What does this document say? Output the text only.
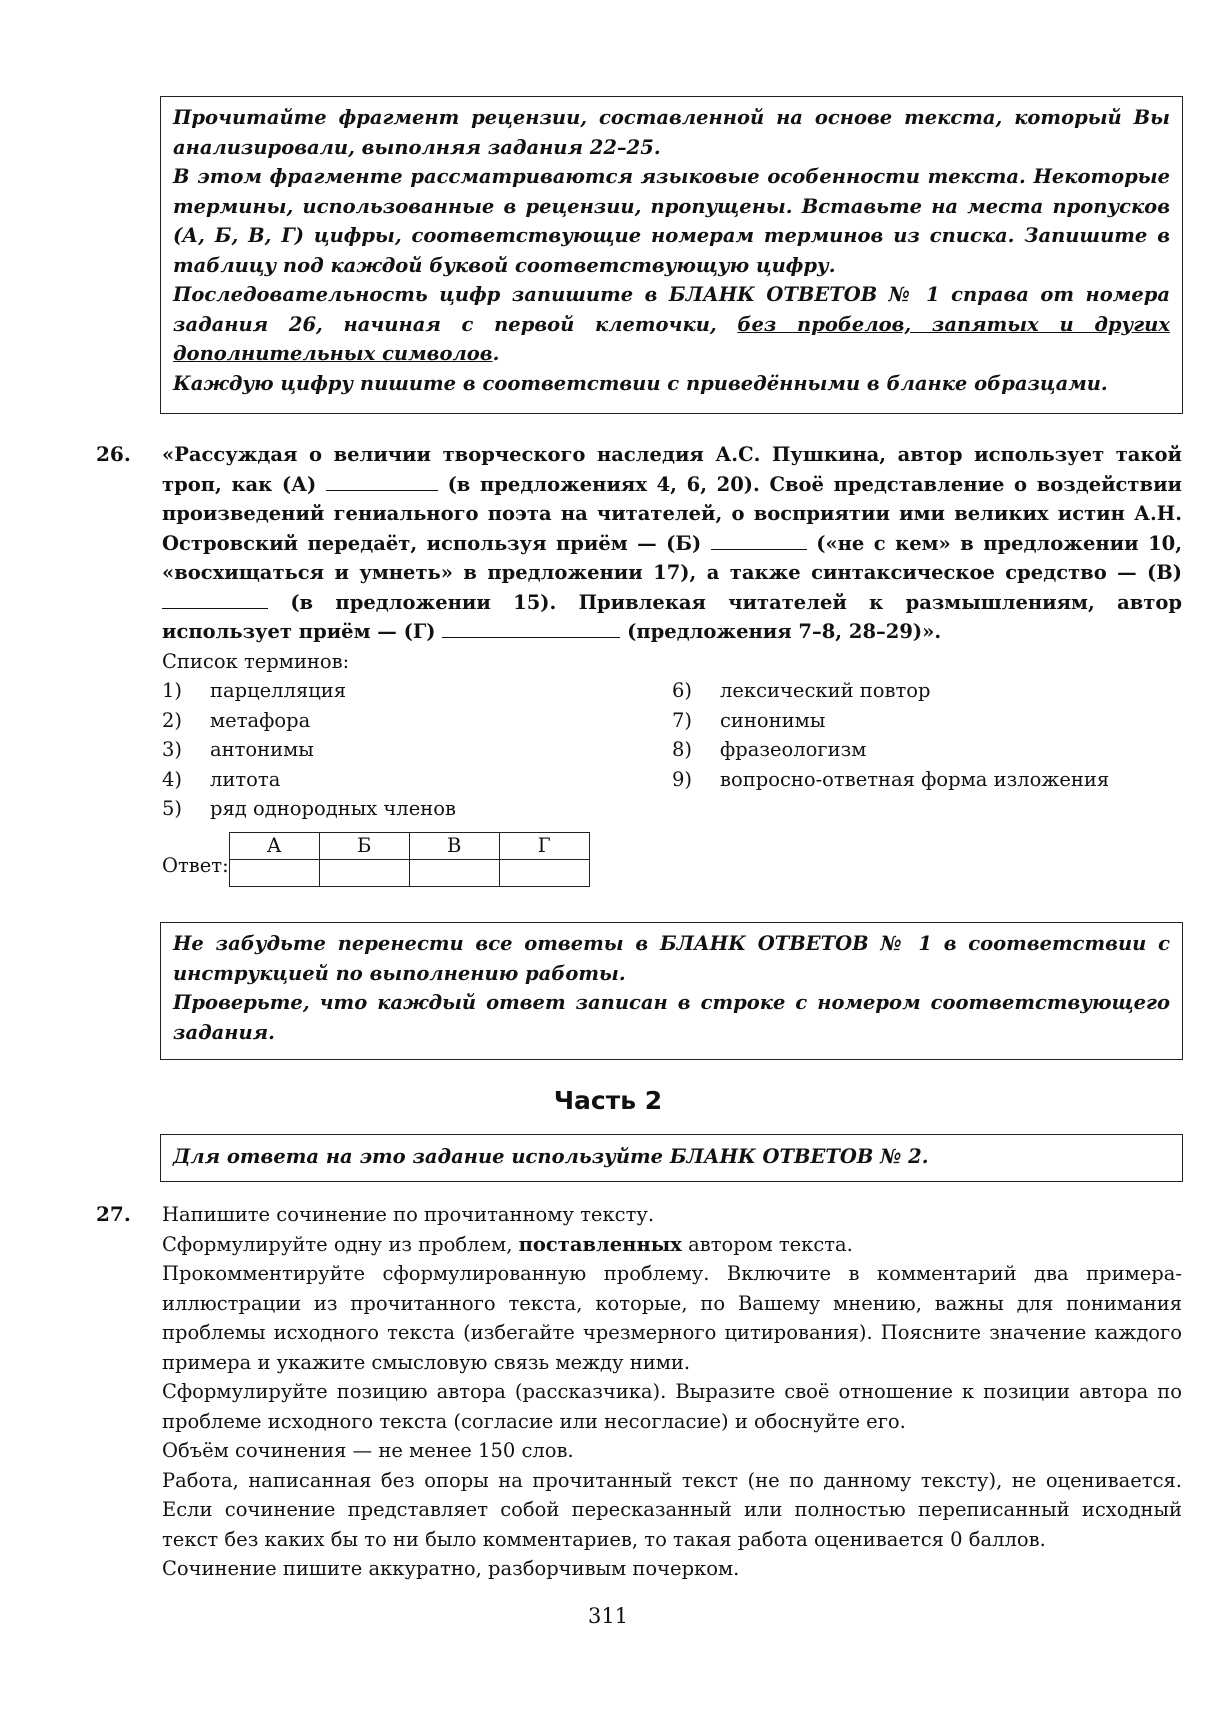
Прочитайте фрагмент рецензии, составленной на основе текста, который Вы анализировали, выполняя задания 22–25.

В этом фрагменте рассматриваются языковые особенности текста. Некоторые термины, использованные в рецензии, пропущены. Вставьте на места пропусков (А, Б, В, Г) цифры, соответствующие номерам терминов из списка. Запишите в таблицу под каждой буквой соответствующую цифру.

Последовательность цифр запишите в БЛАНК ОТВЕТОВ № 1 справа от номера задания 26, начиная с первой клеточки, без пробелов, запятых и других дополнительных символов.

Каждую цифру пишите в соответствии с приведёнными в бланке образцами.

26. «Рассуждая о величии творческого наследия А.С. Пушкина, автор использует такой троп, как (А)	(в предложениях 4, 6, 20). Своё представление о воздействии произведений гениального поэта на читателей, о восприятии ими великих истин А.Н. Островский передаёт, используя приём — (Б)	(«не с кем» в предложении 10, «восхищаться и умнеть» в предложении 17), а также синтаксическое средство — (В)  (в предложении 15). Привлекая читателей к размышлениям, автор использует приём — (Г)	(предложения 7–8, 28–29)».

Список терминов:

1)	парцелляция
2)	метафора
3)	антонимы
4)	литота
5)	ряд однородных членов
6)	лексический повтор
7)	синонимы
8)	фразеологизм
9)	вопросно-ответная форма изложения
Ответ:
А	Б	В	Г

Не забудьте перенести все ответы в БЛАНК ОТВЕТОВ № 1 в соответствии с инструкцией по выполнению работы.

Проверьте, что каждый ответ записан в строке с номером соответствующего задания.

Часть 2

Для ответа на это задание используйте БЛАНК ОТВЕТОВ № 2.

27. Напишите сочинение по прочитанному тексту.

Сформулируйте одну из проблем, поставленных автором текста.

Прокомментируйте сформулированную проблему. Включите в комментарий два примера-иллюстрации из прочитанного текста, которые, по Вашему мнению, важны для понимания проблемы исходного текста (избегайте чрезмерного цитирования). Поясните значение каждого примера и укажите смысловую связь между ними.

Сформулируйте позицию автора (рассказчика). Выразите своё отношение к позиции автора по проблеме исходного текста (согласие или несогласие) и обоснуйте его.

Объём сочинения — не менее 150 слов.

Работа, написанная без опоры на прочитанный текст (не по данному тексту), не оценивается. Если сочинение представляет собой пересказанный или полностью переписанный исходный текст без каких бы то ни было комментариев, то такая работа оценивается 0 баллов.

Сочинение пишите аккуратно, разборчивым почерком.

311
